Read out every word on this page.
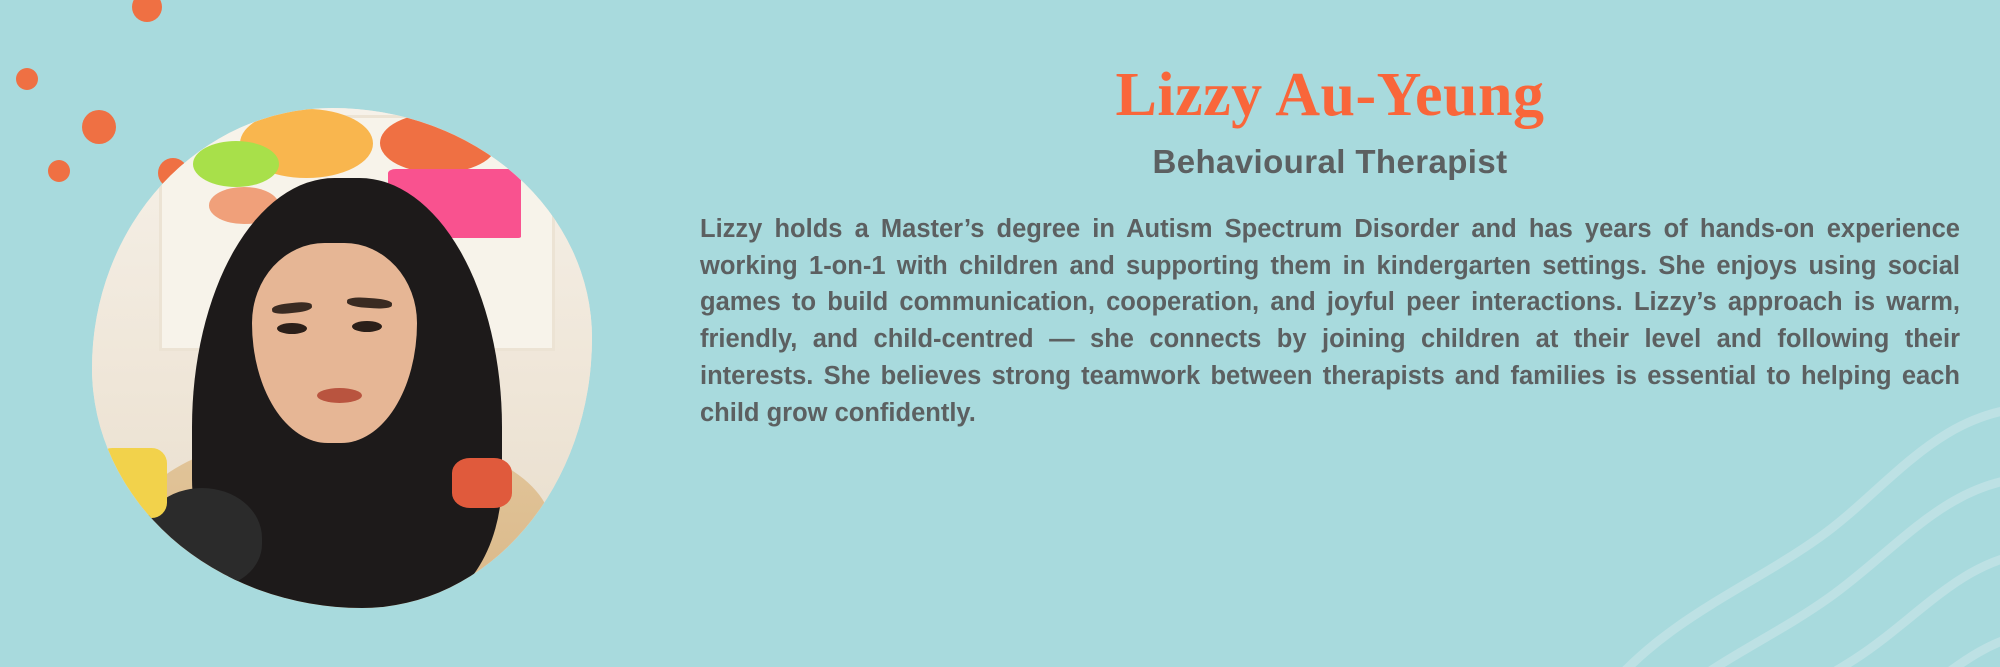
Lizzy Au-Yeung
Behavioural Therapist

Lizzy holds a Master’s degree in Autism Spectrum Disorder and has years of hands-on experience working 1-on-1 with children and supporting them in kindergarten settings. She enjoys using social games to build communication, cooperation, and joyful peer interactions. Lizzy’s approach is warm, friendly, and child-centred — she connects by joining children at their level and following their interests. She believes strong teamwork between therapists and families is essential to helping each child grow confidently.
